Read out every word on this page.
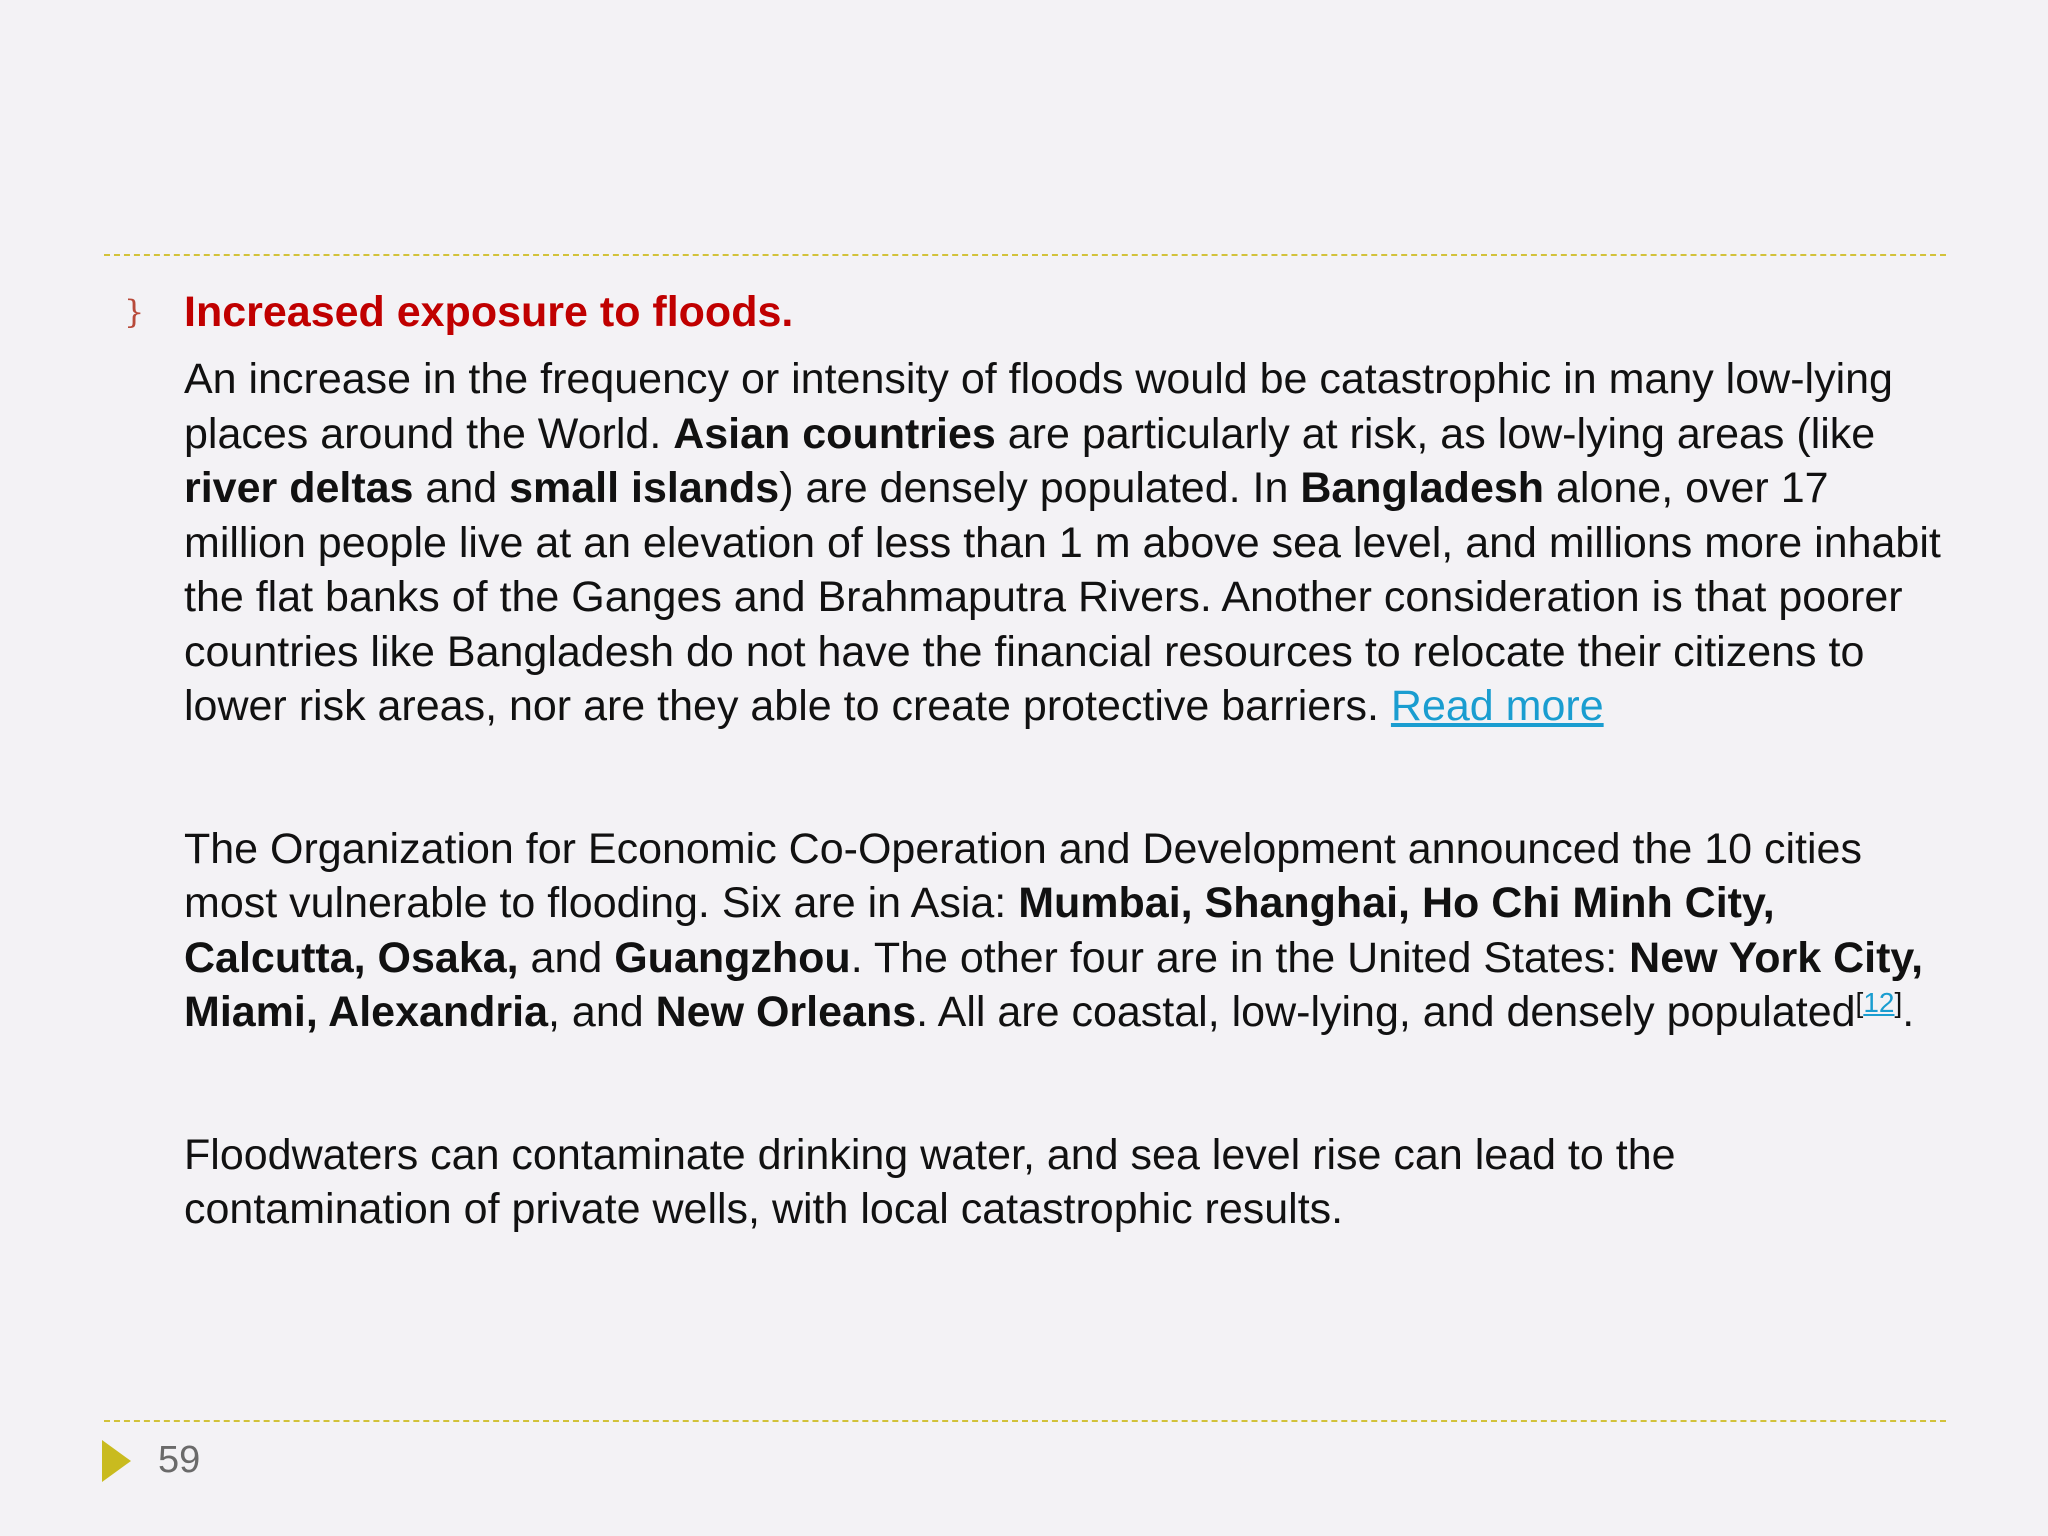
} Increased exposure to floods.

An increase in the frequency or intensity of floods would be catastrophic in many low-lying places around the World. Asian countries are particularly at risk, as low-lying areas (like river deltas and small islands) are densely populated. In Bangladesh alone, over 17 million people live at an elevation of less than 1 m above sea level, and millions more inhabit the flat banks of the Ganges and Brahmaputra Rivers. Another consideration is that poorer countries like Bangladesh do not have the financial resources to relocate their citizens to lower risk areas, nor are they able to create protective barriers. Read more

The Organization for Economic Co-Operation and Development announced the 10 cities most vulnerable to flooding. Six are in Asia: Mumbai, Shanghai, Ho Chi Minh City, Calcutta, Osaka, and Guangzhou. The other four are in the United States: New York City, Miami, Alexandria, and New Orleans. All are coastal, low-lying, and densely populated[12].

Floodwaters can contaminate drinking water, and sea level rise can lead to the contamination of private wells, with local catastrophic results.

59
